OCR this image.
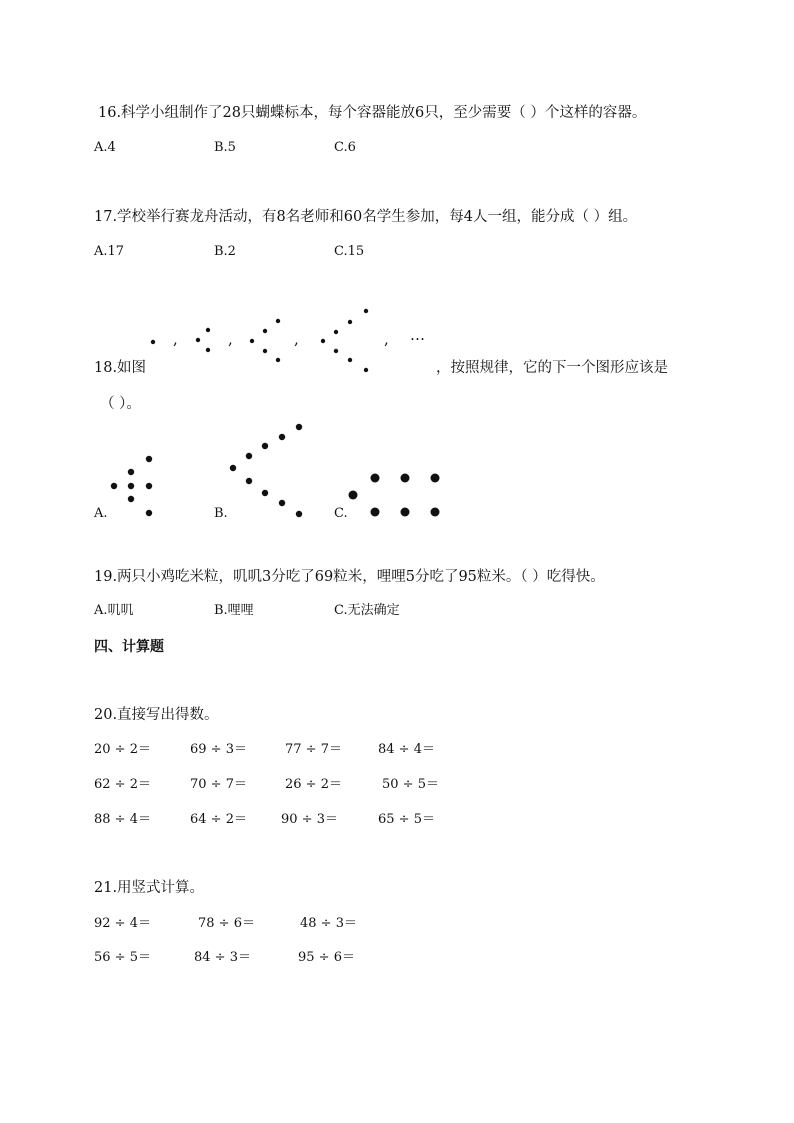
16.科学小组制作了28只蝴蝶标本，每个容器能放6只，至少需要（ ）个这样的容器。
A.4	B.5	C.6
17.学校举行赛龙舟活动，有8名老师和60名学生参加，每4人一组，能分成（ ）组。
A.17	B.2	C.15
,	,	,	, …
18.如图	，按照规律，它的下一个图形应该是
（ ）。
A.	B.	C.
19.两只小鸡吃米粒，叽叽3分吃了69粒米，哩哩5分吃了95粒米。（ ）吃得快。
A.叽叽	B.哩哩	C.无法确定
四、计算题
20.直接写出得数。
20 ÷ 2＝	69 ÷ 3＝	77 ÷ 7＝	84 ÷ 4＝
62 ÷ 2＝	70 ÷ 7＝	26 ÷ 2＝	50 ÷ 5＝
88 ÷ 4＝	64 ÷ 2＝	90 ÷ 3＝	65 ÷ 5＝
21.用竖式计算。
92 ÷ 4＝	78 ÷ 6＝	48 ÷ 3＝
56 ÷ 5＝	84 ÷ 3＝	95 ÷ 6＝
